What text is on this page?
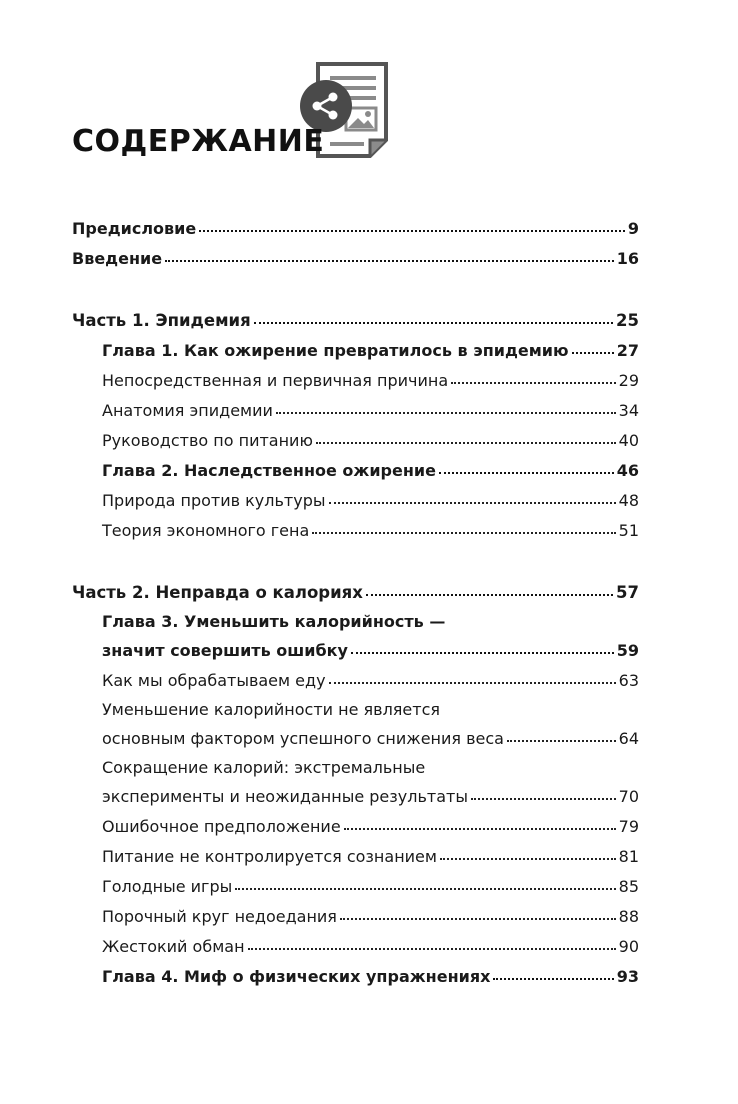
СОДЕРЖАНИЕ
Предисловие	9
Введение	16
Часть 1. Эпидемия	25
Глава 1. Как ожирение превратилось в эпидемию	27
Непосредственная и первичная причина	29
Анатомия эпидемии	34
Руководство по питанию	40
Глава 2. Наследственное ожирение	46
Природа против культуры	48
Теория экономного гена	51
Часть 2. Неправда о калориях	57
Глава 3. Уменьшить калорийность —
значит совершить ошибку	59
Как мы обрабатываем еду	63
Уменьшение калорийности не является
основным фактором успешного снижения веса	64
Сокращение калорий: экстремальные
эксперименты и неожиданные результаты	70
Ошибочное предположение	79
Питание не контролируется сознанием	81
Голодные игры	85
Порочный круг недоедания	88
Жестокий обман	90
Глава 4. Миф о физических упражнениях	93
